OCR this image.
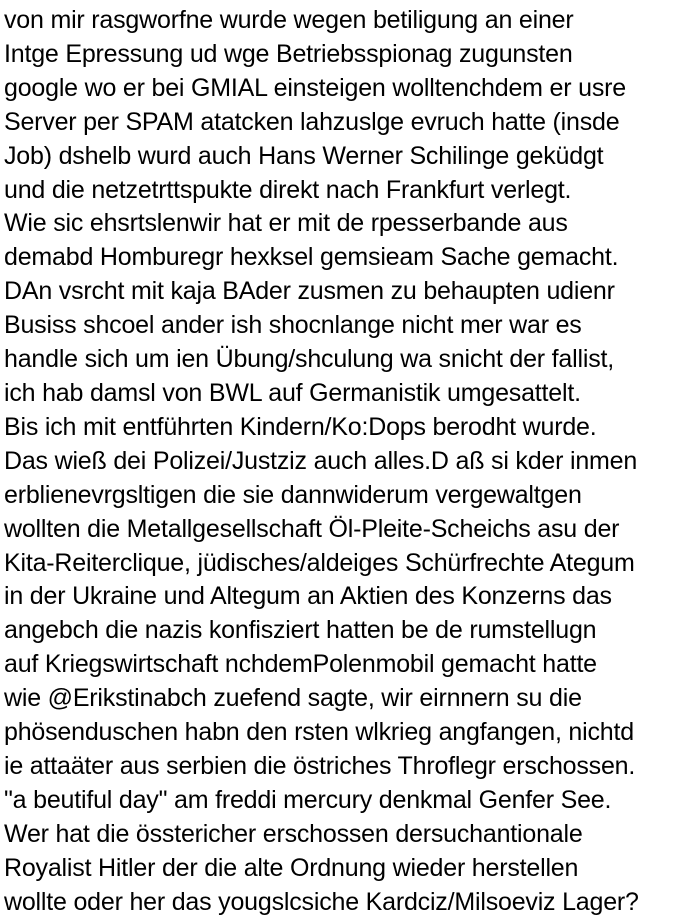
von mir rasgworfne wurde wegen betiligung an einer
Intge Epressung ud wge Betriebsspionag zugunsten
google wo er bei GMIAL einsteigen wolltenchdem er usre
Server per SPAM atatcken lahzuslge evruch hatte (insde
Job) dshelb wurd auch Hans Werner Schilinge geküdgt
und die netzetrttspukte direkt nach Frankfurt verlegt.
Wie sic ehsrtslenwir hat er mit de rpesserbande aus
demabd Homburegr hexksel gemsieam Sache gemacht.
DAn vsrcht mit kaja BAder zusmen zu behaupten udienr
Busiss shcoel ander ish shocnlange nicht mer war es
handle sich um ien Übung/shculung wa snicht der fallist,
ich hab damsl von BWL auf Germanistik umgesattelt.
Bis ich mit entführten Kindern/Ko:Dops berodht wurde.
Das wieß dei Polizei/Justziz auch alles.D aß si kder inmen
erblienevrgsltigen die sie dannwiderum vergewaltgen
wollten die Metallgesellschaft Öl-Pleite-Scheichs asu der
Kita-Reiterclique, jüdisches/aldeiges Schürfrechte Ategum
in der Ukraine und Altegum an Aktien des Konzerns das
angebch die nazis konfisziert hatten be de rumstellugn
auf Kriegswirtschaft nchdemPolenmobil gemacht hatte
wie @Erikstinabch zuefend sagte, wir eirnnern su die
phösenduschen habn den rsten wlkrieg angfangen, nichtd
ie attaäter aus serbien die östriches Throflegr erschossen.
"a beutiful day" am freddi mercury denkmal Genfer See.
Wer hat die össtericher erschossen dersuchantionale
Royalist Hitler der die alte Ordnung wieder herstellen
wollte oder her das yougslcsiche Kardciz/Milsoeviz Lager?
